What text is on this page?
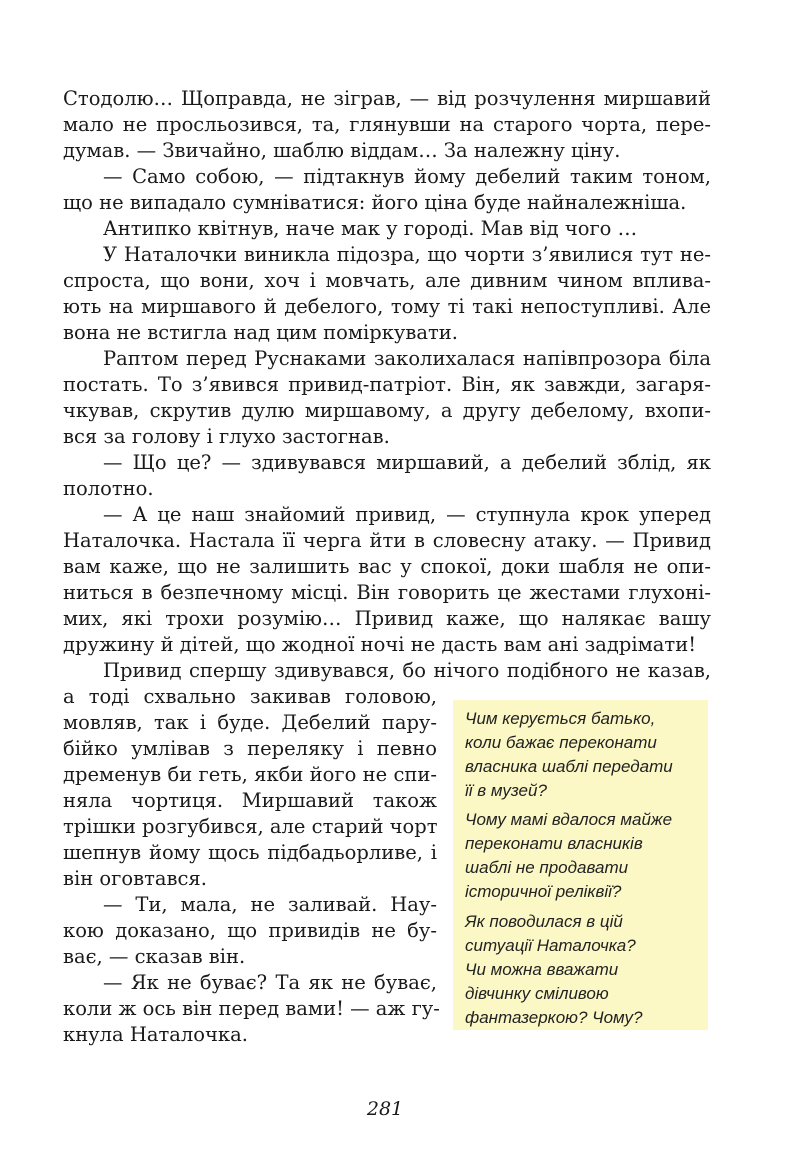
Стодолю… Щоправда, не зіграв, — від розчулення миршавий
мало не просльозився, та, глянувши на старого чорта, пере-
думав. — Звичайно, шаблю віддам… За належну ціну.
— Само собою, — підтакнув йому дебелий таким тоном,
що не випадало сумніватися: його ціна буде найналежніша.
Антипко квітнув, наче мак у городі. Мав від чого …
У Наталочки виникла підозра, що чорти з’явилися тут не-
спроста, що вони, хоч і мовчать, але дивним чином вплива-
ють на миршавого й дебелого, тому ті такі непоступливі. Але
вона не встигла над цим поміркувати.
Раптом перед Руснаками заколихалася напівпрозора біла
постать. То з’явився привид-патріот. Він, як завжди, загаря-
чкував, скрутив дулю миршавому, а другу дебелому, вхопи-
вся за голову і глухо застогнав.
— Що це? — здивувався миршавий, а дебелий зблід, як
полотно.
— А це наш знайомий привид, — ступнула крок уперед
Наталочка. Настала її черга йти в словесну атаку. — Привид
вам каже, що не залишить вас у спокої, доки шабля не опи-
ниться в безпечному місці. Він говорить це жестами глухоні-
мих, які трохи розумію… Привид каже, що налякає вашу
дружину й дітей, що жодної ночі не дасть вам ані задрімати!
Привид спершу здивувався, бо нічого подібного не казав,
а тоді схвально закивав головою,
мовляв, так і буде. Дебелий пару-
бійко умлівав з переляку і певно
дременув би геть, якби його не спи-
няла чортиця. Миршавий також
трішки розгубився, але старий чорт
шепнув йому щось підбадьорливе, і
він оговтався.
— Ти, мала, не заливай. Нау-
кою доказано, що привидів не бу-
ває, — сказав він.
— Як не буває? Та як не буває,
коли ж ось він перед вами! — аж гу-
кнула Наталочка.
Чим керується батько,
коли бажає переконати
власника шаблі передати
її в музей?
Чому мамі вдалося майже
переконати власників
шаблі не продавати
історичної реліквії?
Як поводилася в цій
ситуації Наталочка?
Чи можна вважати
дівчинку сміливою
фантазеркою? Чому?
281
